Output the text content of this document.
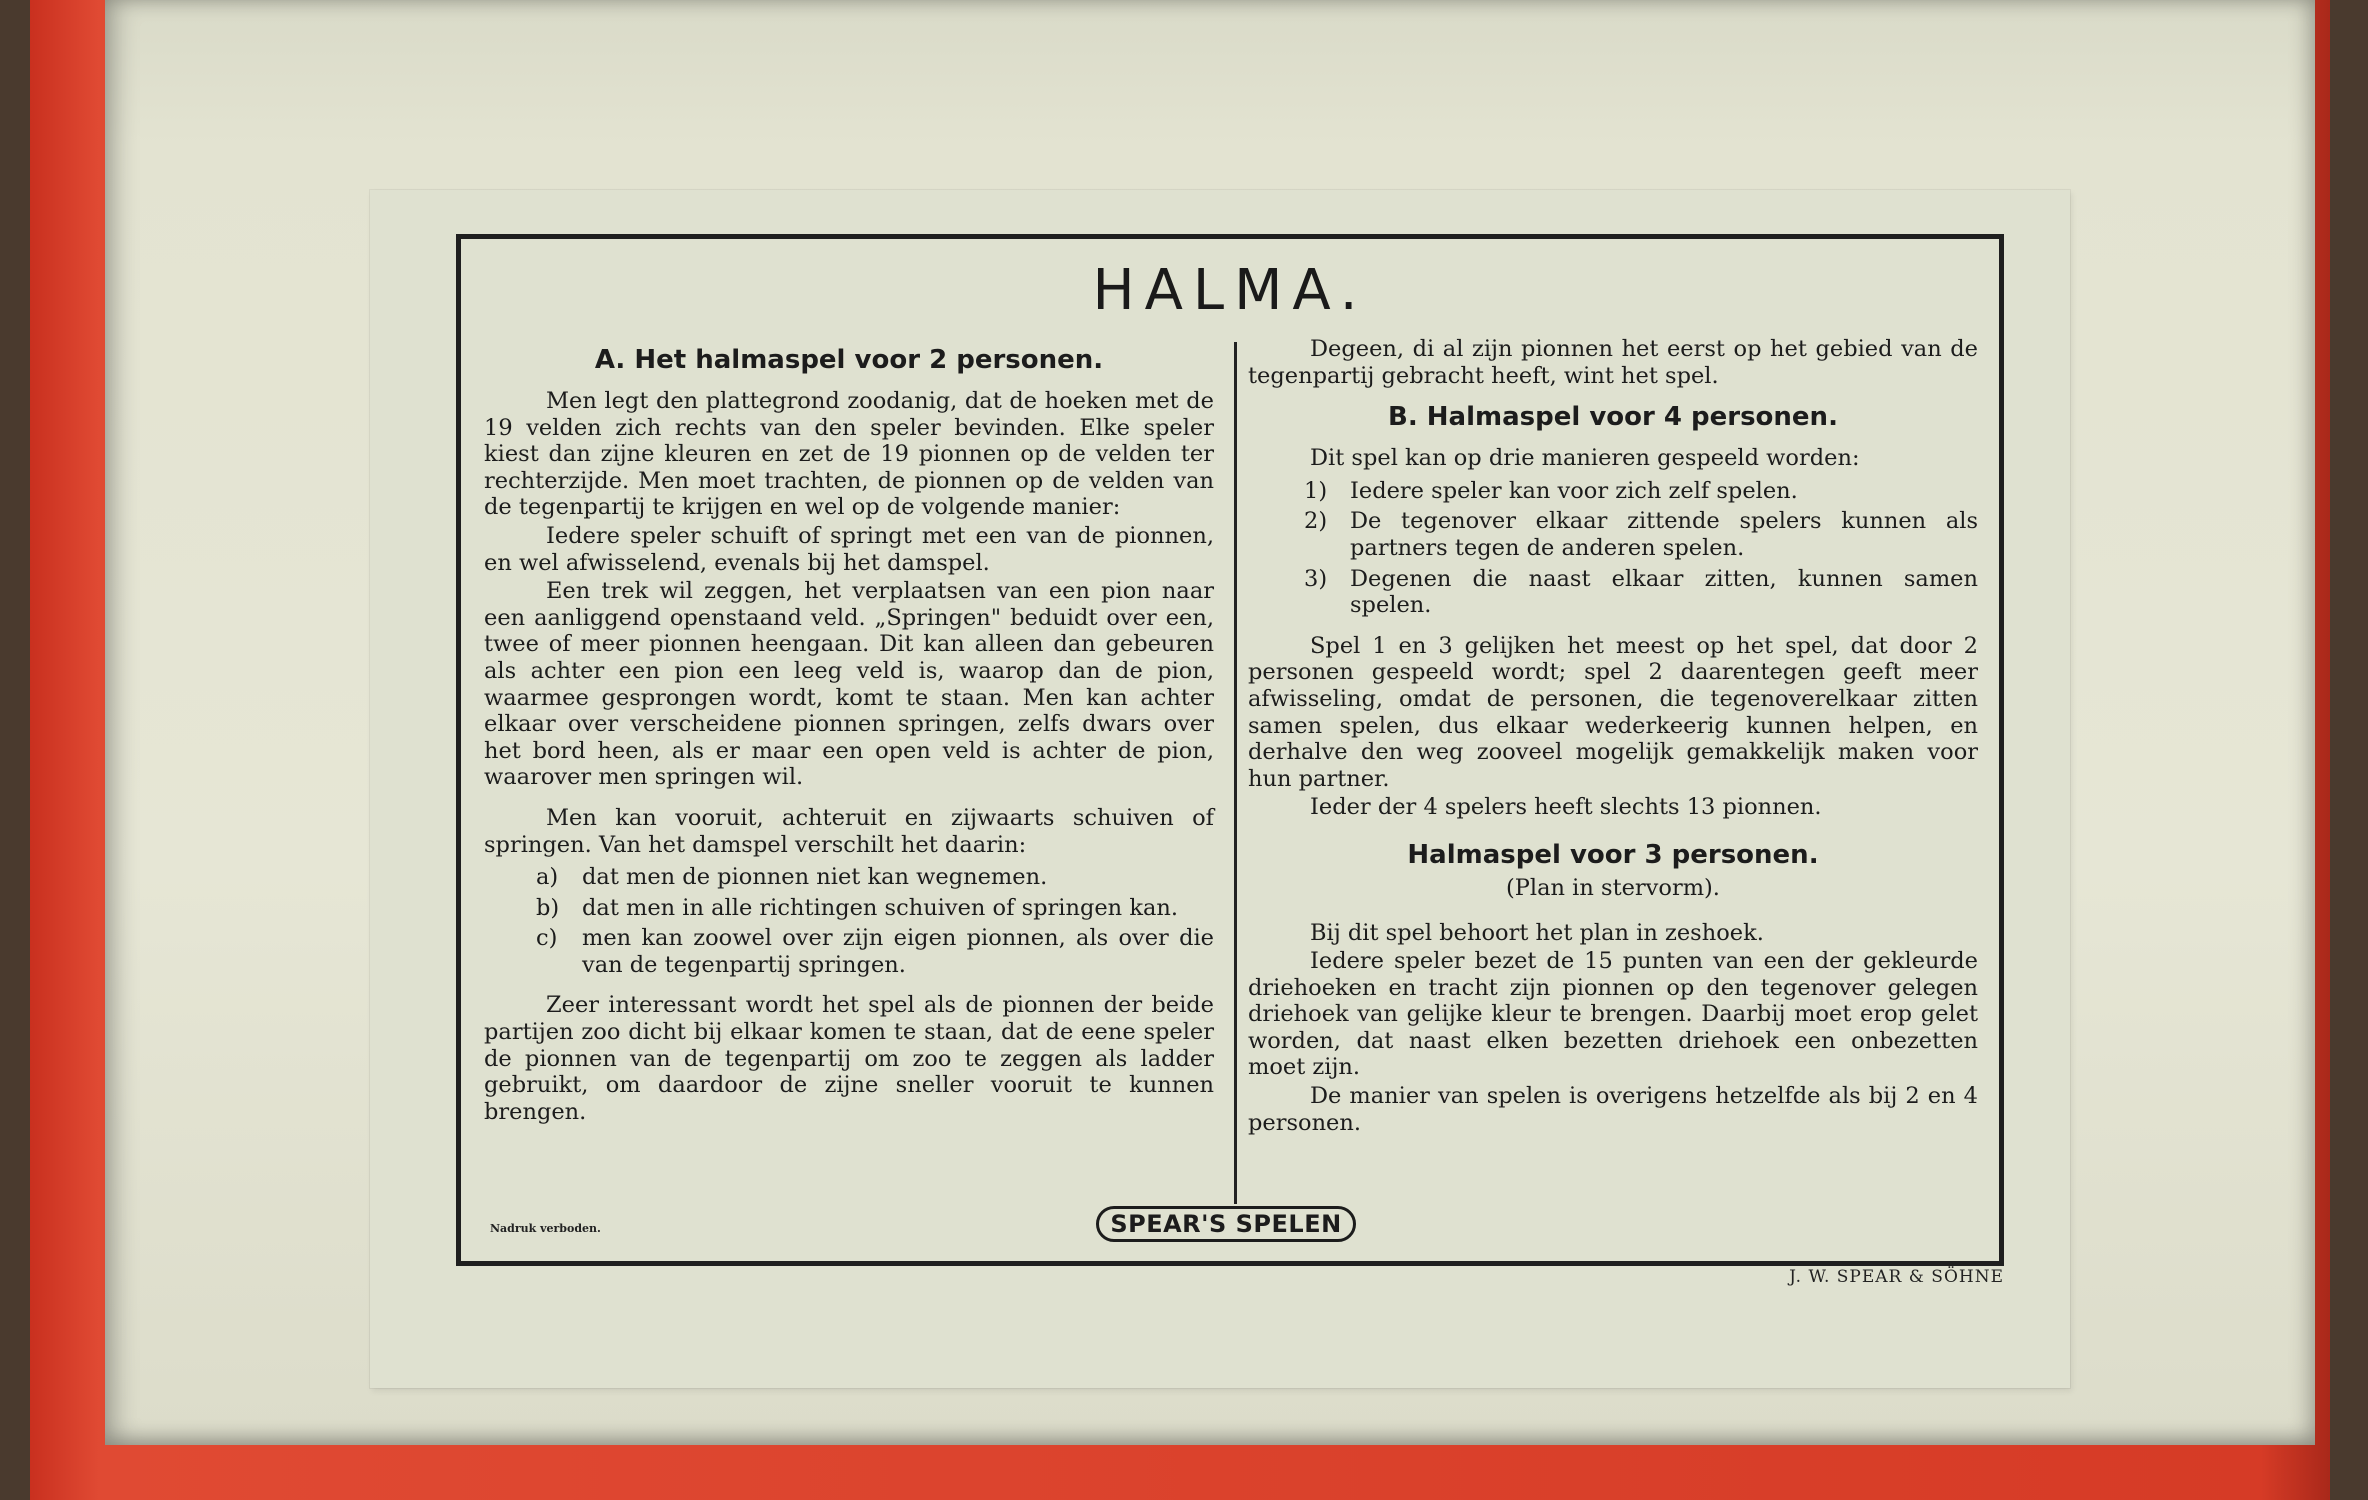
HALMA.
A. Het halmaspel voor 2 personen.

Men legt den plattegrond zoodanig, dat de hoeken met de 19 velden zich rechts van den speler bevinden. Elke speler kiest dan zijne kleuren en zet de 19 pionnen op de velden ter rechterzijde. Men moet trachten, de pionnen op de velden van de tegenpartij te krijgen en wel op de volgende manier:

Iedere speler schuift of springt met een van de pionnen, en wel afwisselend, evenals bij het damspel.

Een trek wil zeggen, het verplaatsen van een pion naar een aanliggend openstaand veld. „Springen" beduidt over een, twee of meer pionnen heengaan. Dit kan alleen dan gebeuren als achter een pion een leeg veld is, waarop dan de pion, waarmee gesprongen wordt, komt te staan. Men kan achter elkaar over verscheidene pionnen springen, zelfs dwars over het bord heen, als er maar een open veld is achter de pion, waarover men springen wil.

Men kan vooruit, achteruit en zijwaarts schuiven of springen. Van het damspel verschilt het daarin:

a)	dat men de pionnen niet kan wegnemen.
b)	dat men in alle richtingen schuiven of springen kan.
c)	men kan zoowel over zijn eigen pionnen, als over die van de tegenpartij springen.

Zeer interessant wordt het spel als de pionnen der beide partijen zoo dicht bij elkaar komen te staan, dat de eene speler de pionnen van de tegenpartij om zoo te zeggen als ladder gebruikt, om daardoor de zijne sneller vooruit te kunnen brengen.

Degeen, di al zijn pionnen het eerst op het gebied van de tegenpartij gebracht heeft, wint het spel.

B. Halmaspel voor 4 personen.

Dit spel kan op drie manieren gespeeld worden:

1)	Iedere speler kan voor zich zelf spelen.
2)	De tegenover elkaar zittende spelers kunnen als partners tegen de anderen spelen.
3)	Degenen die naast elkaar zitten, kunnen samen spelen.

Spel 1 en 3 gelijken het meest op het spel, dat door 2 personen gespeeld wordt; spel 2 daarentegen geeft meer afwisseling, omdat de personen, die tegenoverelkaar zitten samen spelen, dus elkaar wederkeerig kunnen helpen, en derhalve den weg zooveel mogelijk gemakkelijk maken voor hun partner.

Ieder der 4 spelers heeft slechts 13 pionnen.

Halmaspel voor 3 personen.
(Plan in stervorm).

Bij dit spel behoort het plan in zeshoek.

Iedere speler bezet de 15 punten van een der gekleurde driehoeken en tracht zijn pionnen op den tegenover gelegen driehoek van gelijke kleur te brengen. Daarbij moet erop gelet worden, dat naast elken bezetten driehoek een onbezetten moet zijn.

De manier van spelen is overigens hetzelfde als bij 2 en 4 personen.

Nadruk verboden.	SPEAR'S SPELEN
J. W. SPEAR & SÖHNE
